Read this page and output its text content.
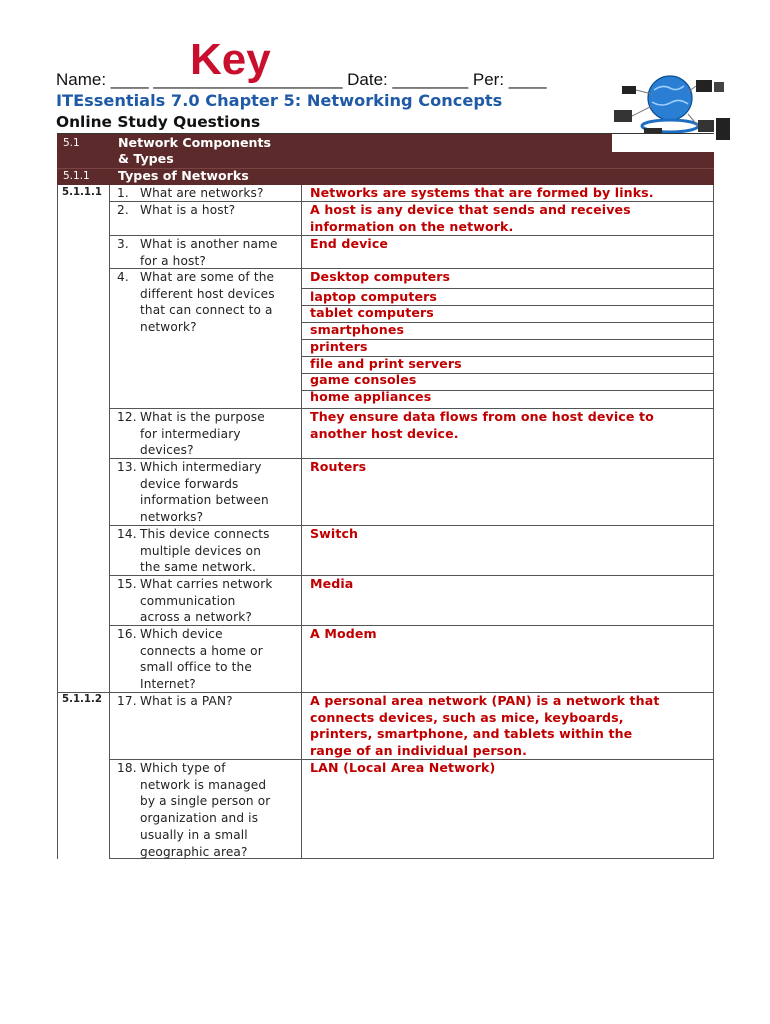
Key
Name: ____ ____________________ Date: ________ Per: ____
ITEssentials 7.0 Chapter 5: Networking Concepts
Online Study Questions
5.1	Network Components
& Types
5.1.1 Types of Networks
5.1.1.1
5.1.1.2
1. What are networks?
2. What is a host?
3. What is another name
for a host?
4. What are some of the
different host devices
that can connect to a
network?
12. What is the purpose
for intermediary
devices?
13. Which intermediary
device forwards
information between
networks?
14. This device connects
multiple devices on
the same network.
15. What carries network
communication
across a network?
16. Which device
connects a home or
small office to the
Internet?
17. What is a PAN?
18. Which type of
network is managed
by a single person or
organization and is
usually in a small
geographic area?
Networks are systems that are formed by links.
A host is any device that sends and receives
information on the network.
End device
Desktop computers
laptop computers
tablet computers
smartphones
printers
file and print servers
game consoles
home appliances
They ensure data flows from one host device to
another host device.
Routers
Switch
Media
A Modem
A personal area network (PAN) is a network that
connects devices, such as mice, keyboards,
printers, smartphone, and tablets within the
range of an individual person.
LAN (Local Area Network)
